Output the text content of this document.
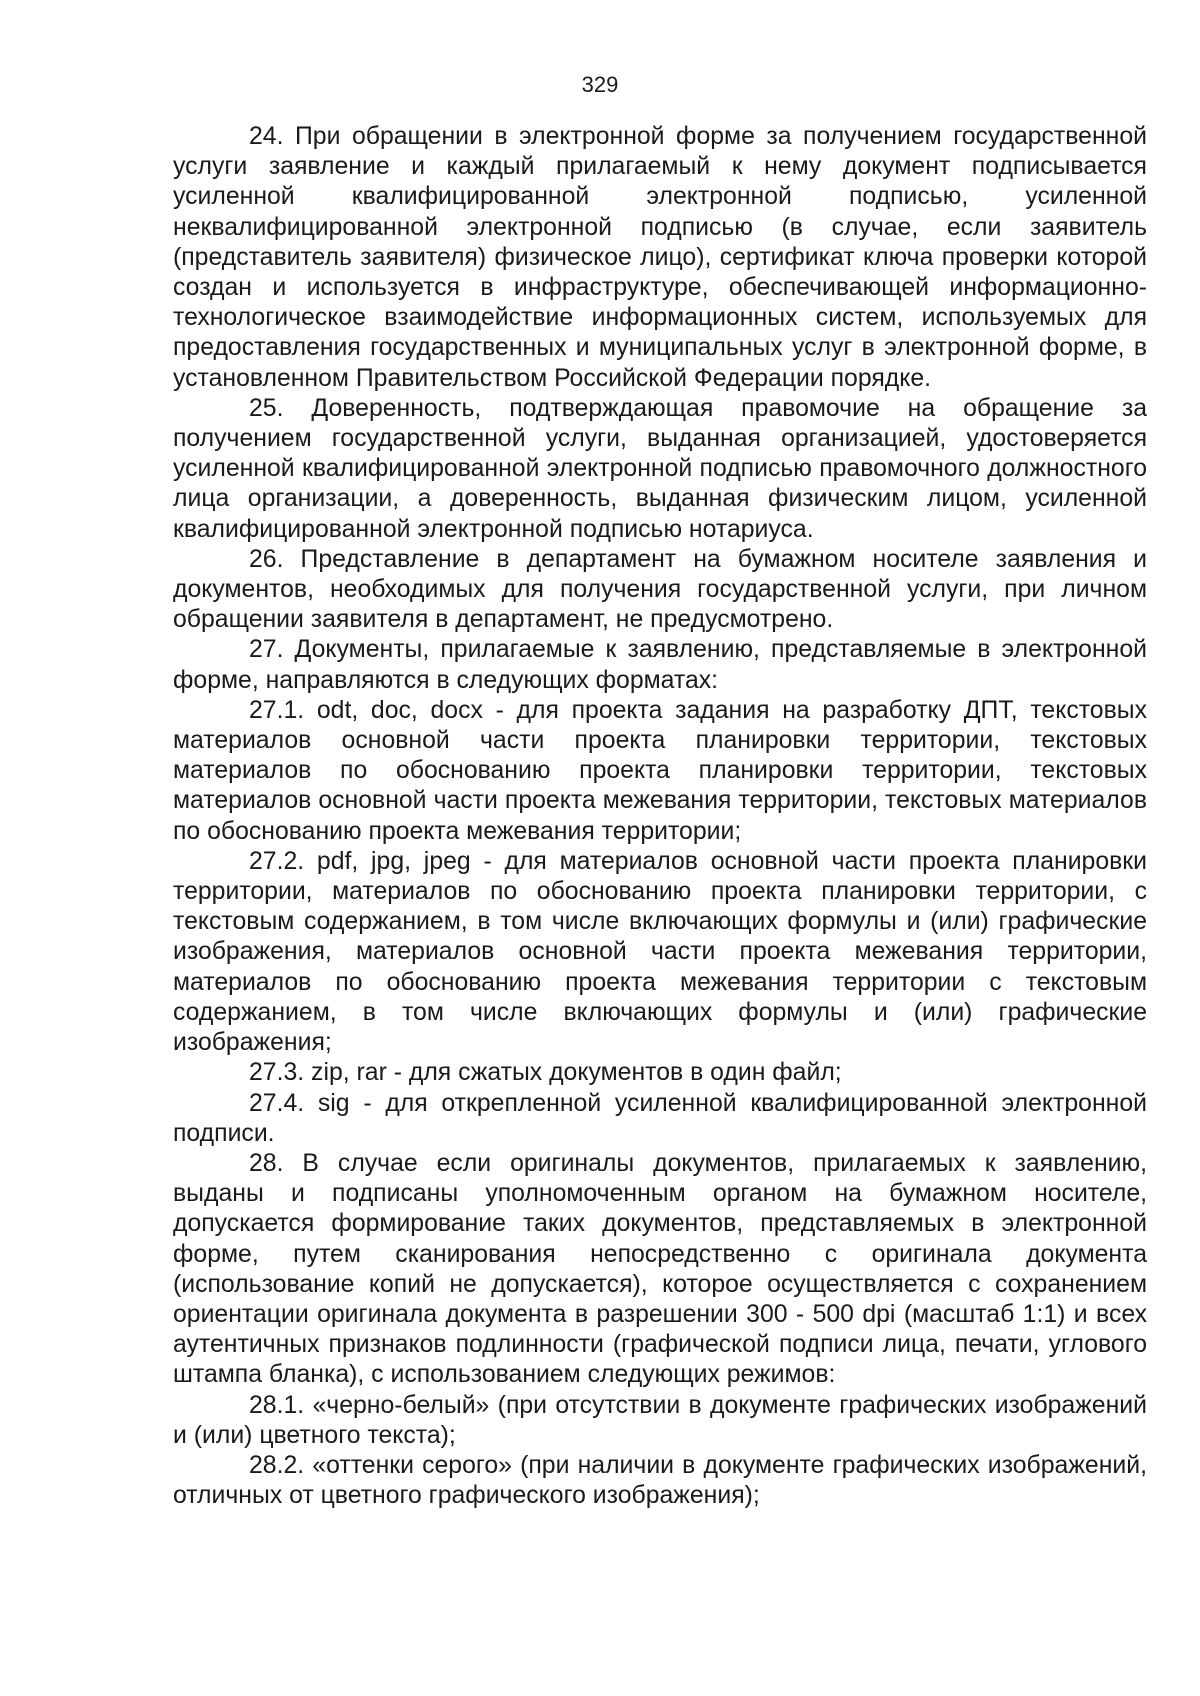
329

24. При обращении в электронной форме за получением государственной услуги заявление и каждый прилагаемый к нему документ подписывается усиленной квалифицированной электронной подписью, усиленной неквалифицированной электронной подписью (в случае, если заявитель (представитель заявителя) физическое лицо), сертификат ключа проверки которой создан и используется в инфраструктуре, обеспечивающей информационно-технологическое взаимодействие информационных систем, используемых для предоставления государственных и муниципальных услуг в электронной форме, в установленном Правительством Российской Федерации порядке.

25. Доверенность, подтверждающая правомочие на обращение за получением государственной услуги, выданная организацией, удостоверяется усиленной квалифицированной электронной подписью правомочного должностного лица организации, а доверенность, выданная физическим лицом, усиленной квалифицированной электронной подписью нотариуса.

26. Представление в департамент на бумажном носителе заявления и документов, необходимых для получения государственной услуги, при личном обращении заявителя в департамент, не предусмотрено.

27. Документы, прилагаемые к заявлению, представляемые в электронной форме, направляются в следующих форматах:

27.1. odt, doc, docx - для проекта задания на разработку ДПТ, текстовых материалов основной части проекта планировки территории, текстовых материалов по обоснованию проекта планировки территории, текстовых материалов основной части проекта межевания территории, текстовых материалов по обоснованию проекта межевания территории;

27.2. pdf, jpg, jpeg - для материалов основной части проекта планировки территории, материалов по обоснованию проекта планировки территории, с текстовым содержанием, в том числе включающих формулы и (или) графические изображения, материалов основной части проекта межевания территории, материалов по обоснованию проекта межевания территории с текстовым содержанием, в том числе включающих формулы и (или) графические изображения;

27.3. zip, rar - для сжатых документов в один файл;

27.4. sig - для открепленной усиленной квалифицированной электронной подписи.

28. В случае если оригиналы документов, прилагаемых к заявлению, выданы и подписаны уполномоченным органом на бумажном носителе, допускается формирование таких документов, представляемых в электронной форме, путем сканирования непосредственно с оригинала документа (использование копий не допускается), которое осуществляется с сохранением ориентации оригинала документа в разрешении 300 - 500 dpi (масштаб 1:1) и всех аутентичных признаков подлинности (графической подписи лица, печати, углового штампа бланка), с использованием следующих режимов:

28.1. «черно-белый» (при отсутствии в документе графических изображений и (или) цветного текста);

28.2. «оттенки серого» (при наличии в документе графических изображений, отличных от цветного графического изображения);
